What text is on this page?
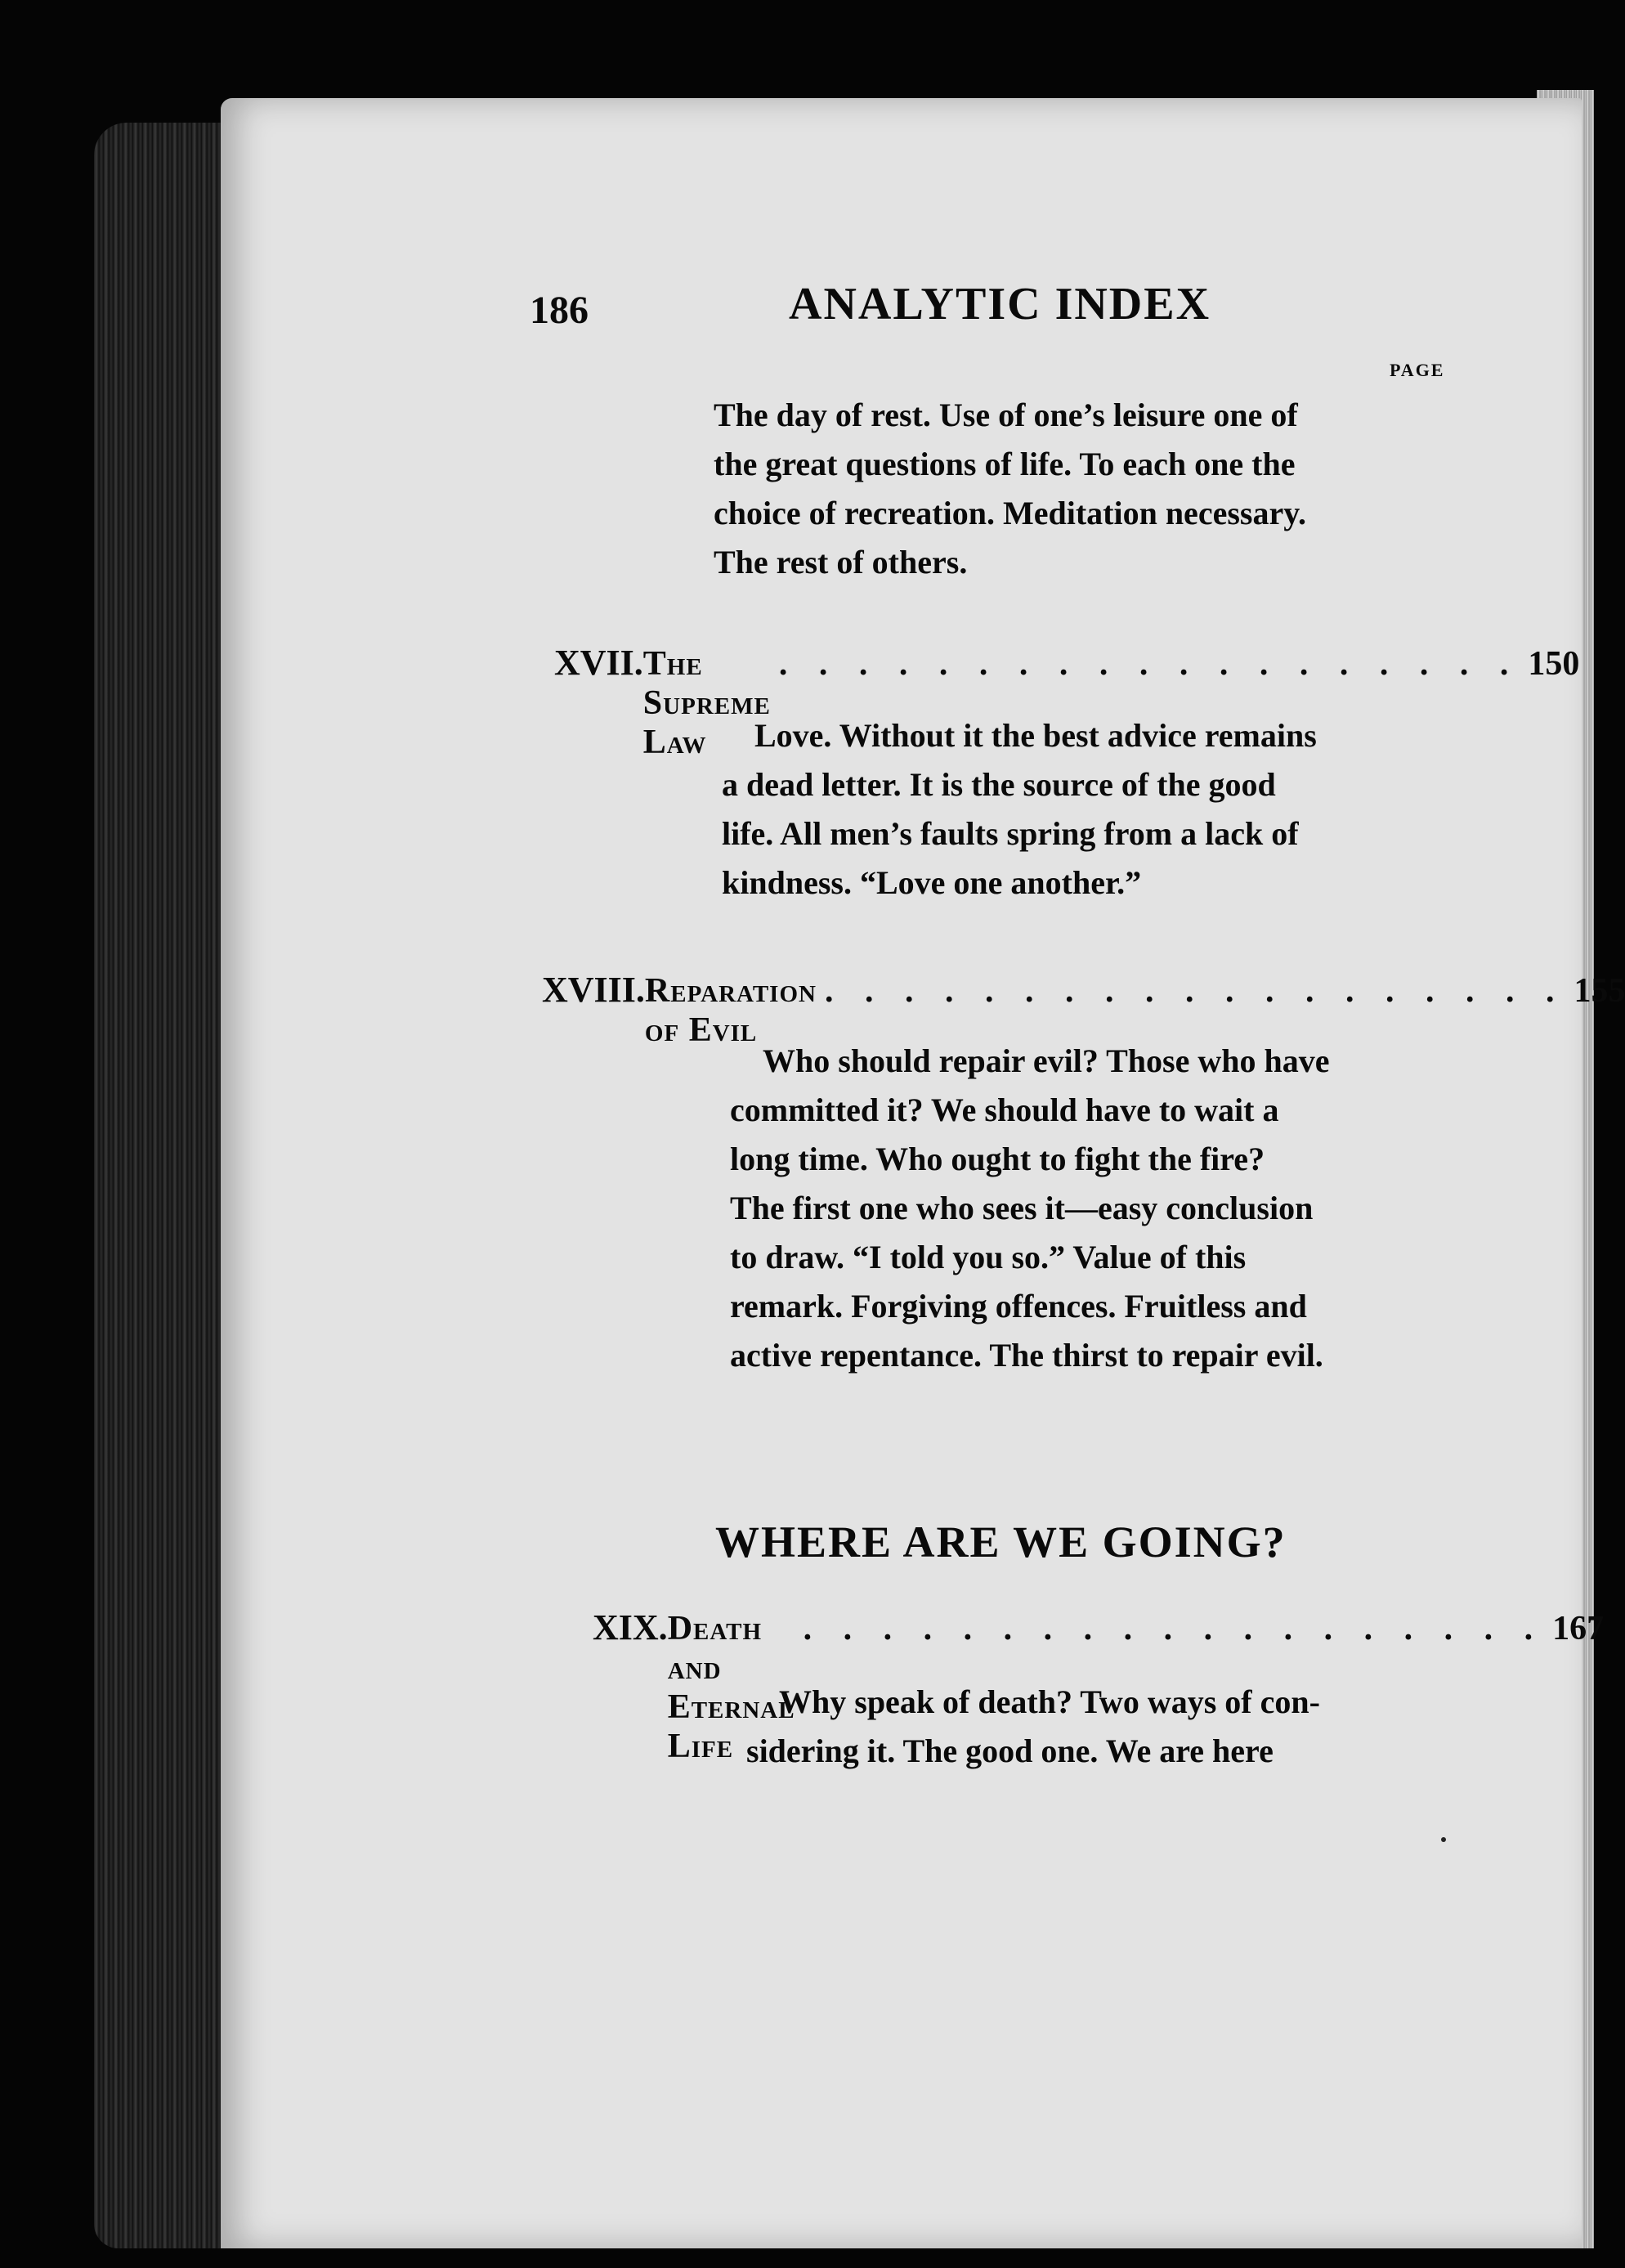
186	ANALYTIC INDEX
PAGE
The day of rest. Use of one’s leisure one of
the great questions of life. To each one the
choice of recreation. Meditation necessary.
The rest of others.
XVII. The Supreme Law
. . . . . . . . . . . . . . . . . . . 150
Love. Without it the best advice remains
a dead letter. It is the source of the good
life. All men’s faults spring from a lack of
kindness. “Love one another.”
XVIII. Reparation of Evil
. . . . . . . . . . . . . . . . . . . 155
Who should repair evil? Those who have
committed it? We should have to wait a
long time. Who ought to fight the fire?
The first one who sees it—easy conclusion
to draw. “I told you so.” Value of this
remark. Forgiving offences. Fruitless and
active repentance. The thirst to repair evil.
WHERE ARE WE GOING?
XIX. Death and Eternal Life
. . . . . . . . . . . . . . . . . . . 167
Why speak of death? Two ways of con-
sidering it. The good one. We are here
